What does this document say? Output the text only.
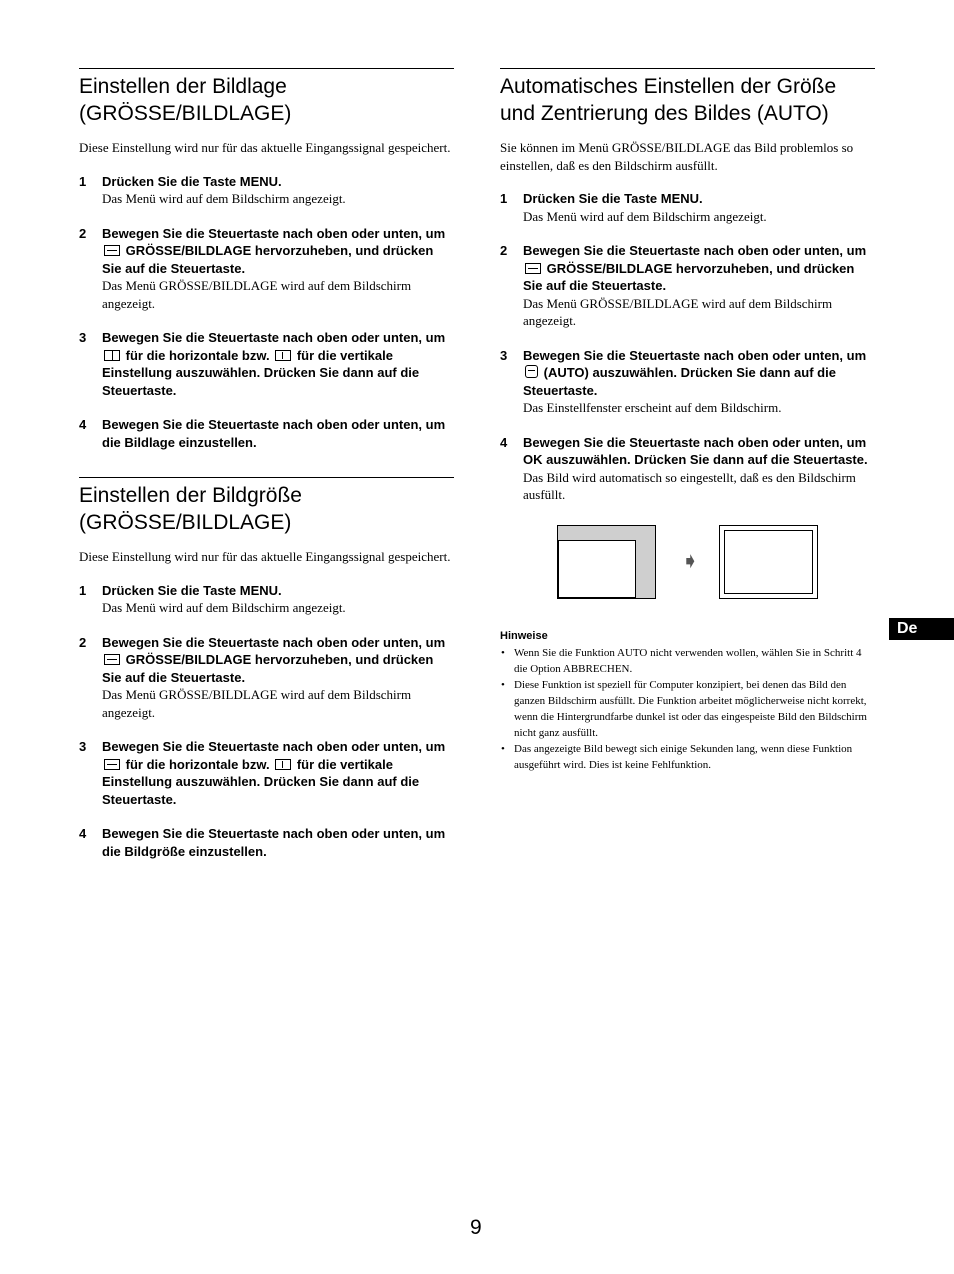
Einstellen der Bildlage (GRÖSSE/BILDLAGE)

Diese Einstellung wird nur für das aktuelle Eingangssignal gespeichert.

1 Drücken Sie die Taste MENU.
Das Menü wird auf dem Bildschirm angezeigt.
2 Bewegen Sie die Steuertaste nach oben oder unten, um  GRÖSSE/BILDLAGE hervorzuheben, und drücken Sie auf die Steuertaste.
Das Menü GRÖSSE/BILDLAGE wird auf dem Bildschirm angezeigt.
3 Bewegen Sie die Steuertaste nach oben oder unten, um  für die horizontale bzw. für die vertikale Einstellung auszuwählen. Drücken Sie dann auf die Steuertaste.
4 Bewegen Sie die Steuertaste nach oben oder unten, um die Bildlage einzustellen.
Einstellen der Bildgröße (GRÖSSE/BILDLAGE)

Diese Einstellung wird nur für das aktuelle Eingangssignal gespeichert.

1 Drücken Sie die Taste MENU.
Das Menü wird auf dem Bildschirm angezeigt.
2 Bewegen Sie die Steuertaste nach oben oder unten, um  GRÖSSE/BILDLAGE hervorzuheben, und drücken Sie auf die Steuertaste.
Das Menü GRÖSSE/BILDLAGE wird auf dem Bildschirm angezeigt.
3 Bewegen Sie die Steuertaste nach oben oder unten, um  für die horizontale bzw. für die vertikale Einstellung auszuwählen. Drücken Sie dann auf die Steuertaste.
4 Bewegen Sie die Steuertaste nach oben oder unten, um die Bildgröße einzustellen.
Automatisches Einstellen der Größe und Zentrierung des Bildes (AUTO)

Sie können im Menü GRÖSSE/BILDLAGE das Bild problemlos so einstellen, daß es den Bildschirm ausfüllt.

1 Drücken Sie die Taste MENU.
Das Menü wird auf dem Bildschirm angezeigt.
2 Bewegen Sie die Steuertaste nach oben oder unten, um  GRÖSSE/BILDLAGE hervorzuheben, und drücken Sie auf die Steuertaste.
Das Menü GRÖSSE/BILDLAGE wird auf dem Bildschirm angezeigt.
3 Bewegen Sie die Steuertaste nach oben oder unten, um  (AUTO) auszuwählen. Drücken Sie dann auf die Steuertaste.
Das Einstellfenster erscheint auf dem Bildschirm.
4 Bewegen Sie die Steuertaste nach oben oder unten, um OK auszuwählen. Drücken Sie dann auf die Steuertaste.
Das Bild wird automatisch so eingestellt, daß es den Bildschirm ausfüllt.
➧
Hinweise
• Wenn Sie die Funktion AUTO nicht verwenden wollen, wählen Sie in Schritt 4 die Option ABBRECHEN.
• Diese Funktion ist speziell für Computer konzipiert, bei denen das Bild den ganzen Bildschirm ausfüllt. Die Funktion arbeitet möglicherweise nicht korrekt, wenn die Hintergrundfarbe dunkel ist oder das eingespeiste Bild den Bildschirm nicht ganz ausfüllt.
• Das angezeigte Bild bewegt sich einige Sekunden lang, wenn diese Funktion ausgeführt wird. Dies ist keine Fehlfunktion.
De
9
